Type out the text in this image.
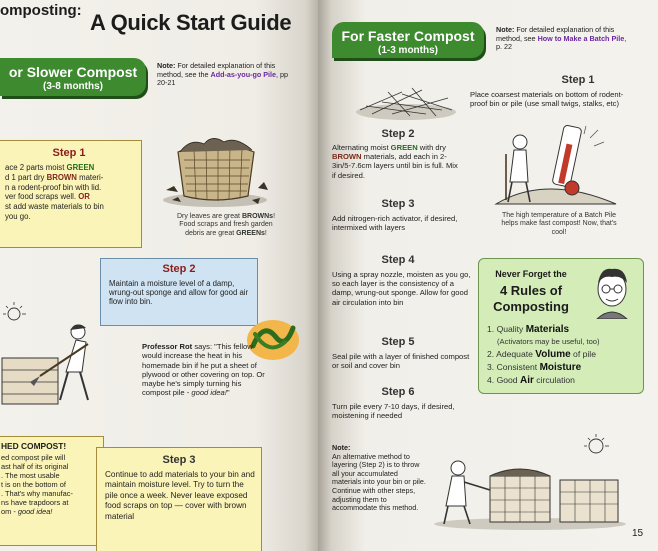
omposting: A Quick Start Guide
or Slower Compost
(3-8 months)
Note: For detailed explanation of this method, see the Add-as-you-go Pile, pp 20-21
Step 1
ace 2 parts moist GREEN
d 1 part dry BROWN materi-
n a rodent-proof bin with lid.
ver food scraps well. OR
st add waste materials to bin
you go.	Dry leaves are great BROWNs!
Food scraps and fresh garden
debris are great GREENs!
Step 2
Maintain a moisture level of a damp, wrung-out sponge and allow for good air flow into bin.
Professor Rot says: "This fellow would increase the heat in his homemade bin if he put a sheet of plywood or other covering on top. Or maybe he's simply turning his compost pile - good idea!"
HED COMPOST!
ed compost pile will
ast half of its original
. The most usable
t is on the bottom of
. That's why manufac-
ns have trapdoors at
om - good idea!
Step 3
Continue to add materials to your bin and maintain moisture level. Try to turn the pile once a week. Never leave exposed food scraps on top — cover with brown material
For Faster Compost
(1-3 months)
Note: For detailed explanation of this method, see How to Make a Batch Pile, p. 22
Step 1
Place coarsest materials on bottom of rodent-proof bin or pile (use small twigs, stalks, etc)
Step 2
Alternating moist GREEN with dry BROWN materials, add each in 2-3in/5-7.6cm layers until bin is full. Mix if desired.
The high temperature of a Batch Pile helps make fast compost! Now, that's cool!
Step 3
Add nitrogen-rich activator, if desired, intermixed with layers
Step 4
Using a spray nozzle, moisten as you go, so each layer is the consistency of a damp, wrung-out sponge. Allow for good air circulation into bin
Never Forget the
4 Rules of
Composting
1. Quality Materials
(Activators may be useful, too)
2. Adequate Volume of pile
3. Consistent Moisture
4. Good Air circulation
Step 5
Seal pile with a layer of finished compost or soil and cover bin
Step 6
Turn pile every 7-10 days, if desired, moistening if needed
Note:
An alternative method to layering (Step 2) is to throw all your accumulated materials into your bin or pile. Continue with other steps, adjusting them to accommodate this method.
15
